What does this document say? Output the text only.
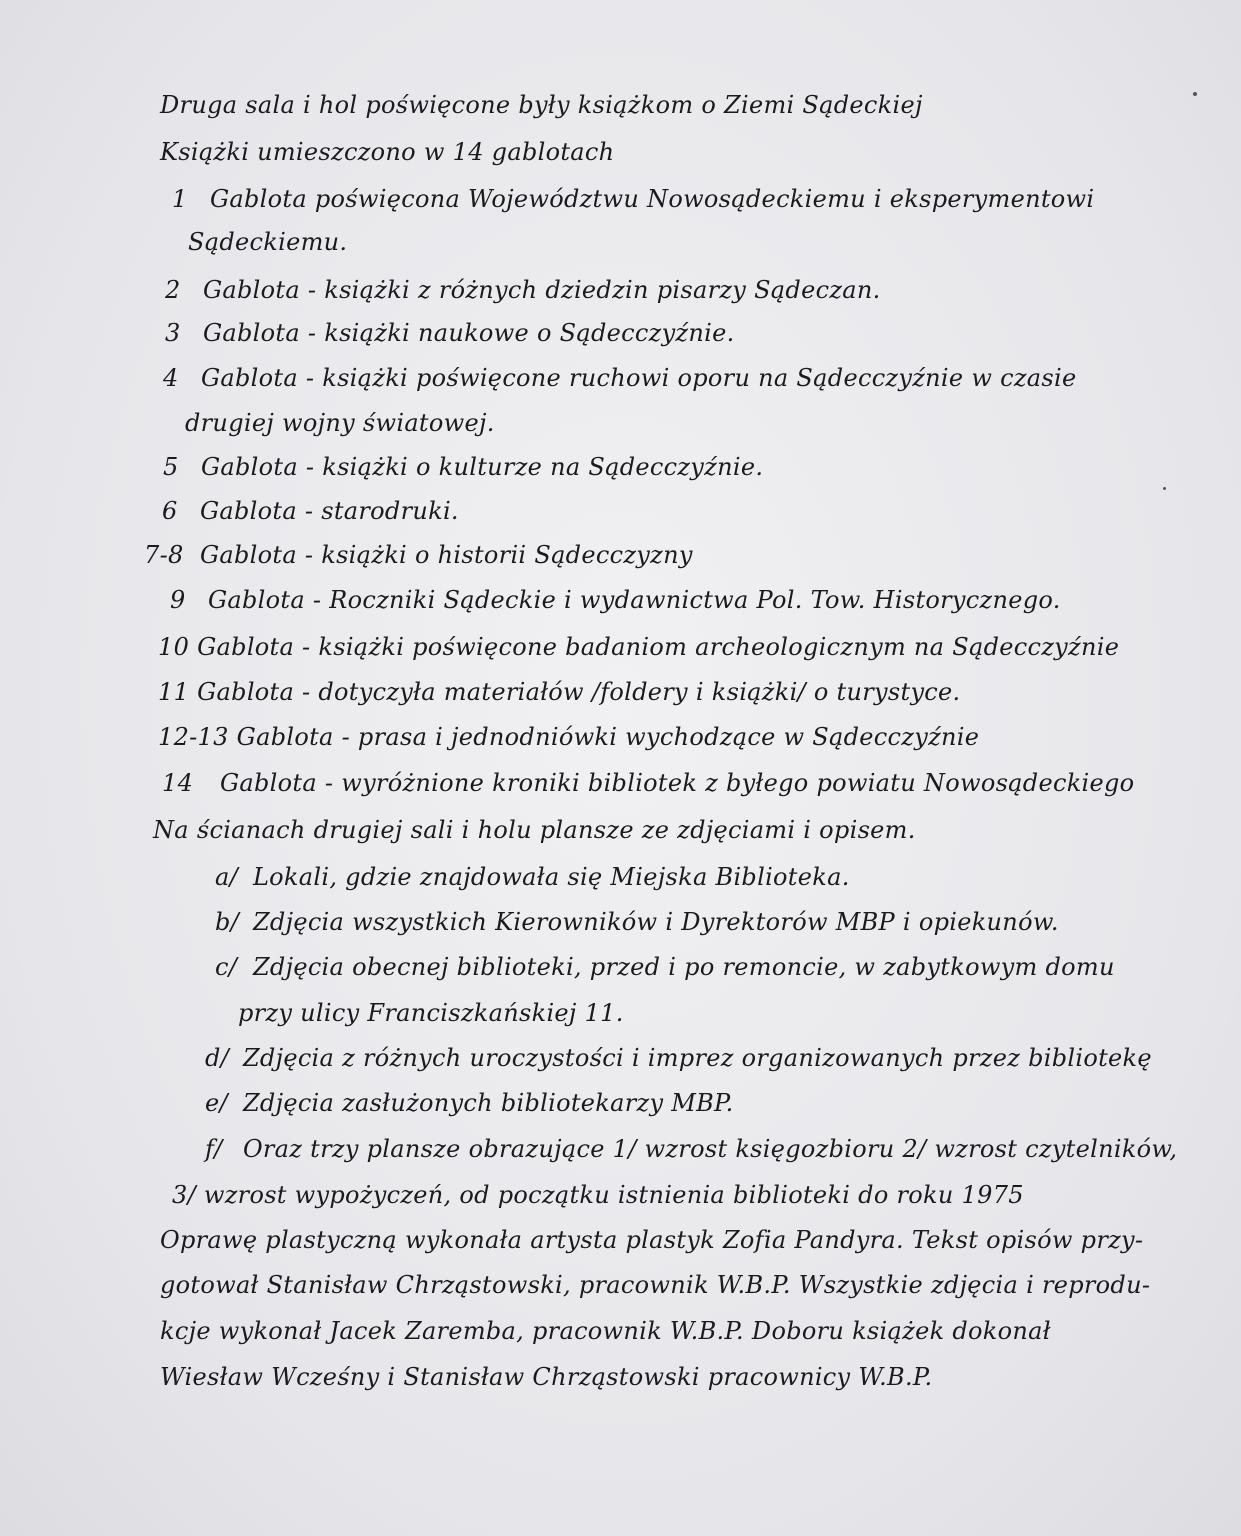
Druga sala i hol poświęcone były książkom o Ziemi Sądeckiej
Książki umieszczono w 14 gablotach
1 Gablota poświęcona Województwu Nowosądeckiemu i eksperymentowi
Sądeckiemu.
2 Gablota - książki z różnych dziedzin pisarzy Sądeczan.
3 Gablota - książki naukowe o Sądecczyźnie.
4 Gablota - książki poświęcone ruchowi oporu na Sądecczyźnie w czasie
drugiej wojny światowej.
5 Gablota - książki o kulturze na Sądecczyźnie.
6 Gablota - starodruki.
7-8 Gablota - książki o historii Sądecczyzny
9 Gablota - Roczniki Sądeckie i wydawnictwa Pol. Tow. Historycznego.
10 Gablota - książki poświęcone badaniom archeologicznym na Sądecczyźnie
11 Gablota - dotyczyła materiałów /foldery i książki/ o turystyce.
12-13 Gablota - prasa i jednodniówki wychodzące w Sądecczyźnie
14 Gablota - wyróżnione kroniki bibliotek z byłego powiatu Nowosądeckiego
Na ścianach drugiej sali i holu plansze ze zdjęciami i opisem.
a/ Lokali, gdzie znajdowała się Miejska Biblioteka.
b/ Zdjęcia wszystkich Kierowników i Dyrektorów MBP i opiekunów.
c/ Zdjęcia obecnej biblioteki, przed i po remoncie, w zabytkowym domu
przy ulicy Franciszkańskiej 11.
d/ Zdjęcia z różnych uroczystości i imprez organizowanych przez bibliotekę
e/ Zdjęcia zasłużonych bibliotekarzy MBP.
f/ Oraz trzy plansze obrazujące 1/ wzrost księgozbioru 2/ wzrost czytelników,
3/ wzrost wypożyczeń, od początku istnienia biblioteki do roku 1975
Oprawę plastyczną wykonała artysta plastyk Zofia Pandyra. Tekst opisów przy-
gotował Stanisław Chrząstowski, pracownik W.B.P. Wszystkie zdjęcia i reprodu-
kcje wykonał Jacek Zaremba, pracownik W.B.P. Doboru książek dokonał
Wiesław Wcześny i Stanisław Chrząstowski pracownicy W.B.P.
